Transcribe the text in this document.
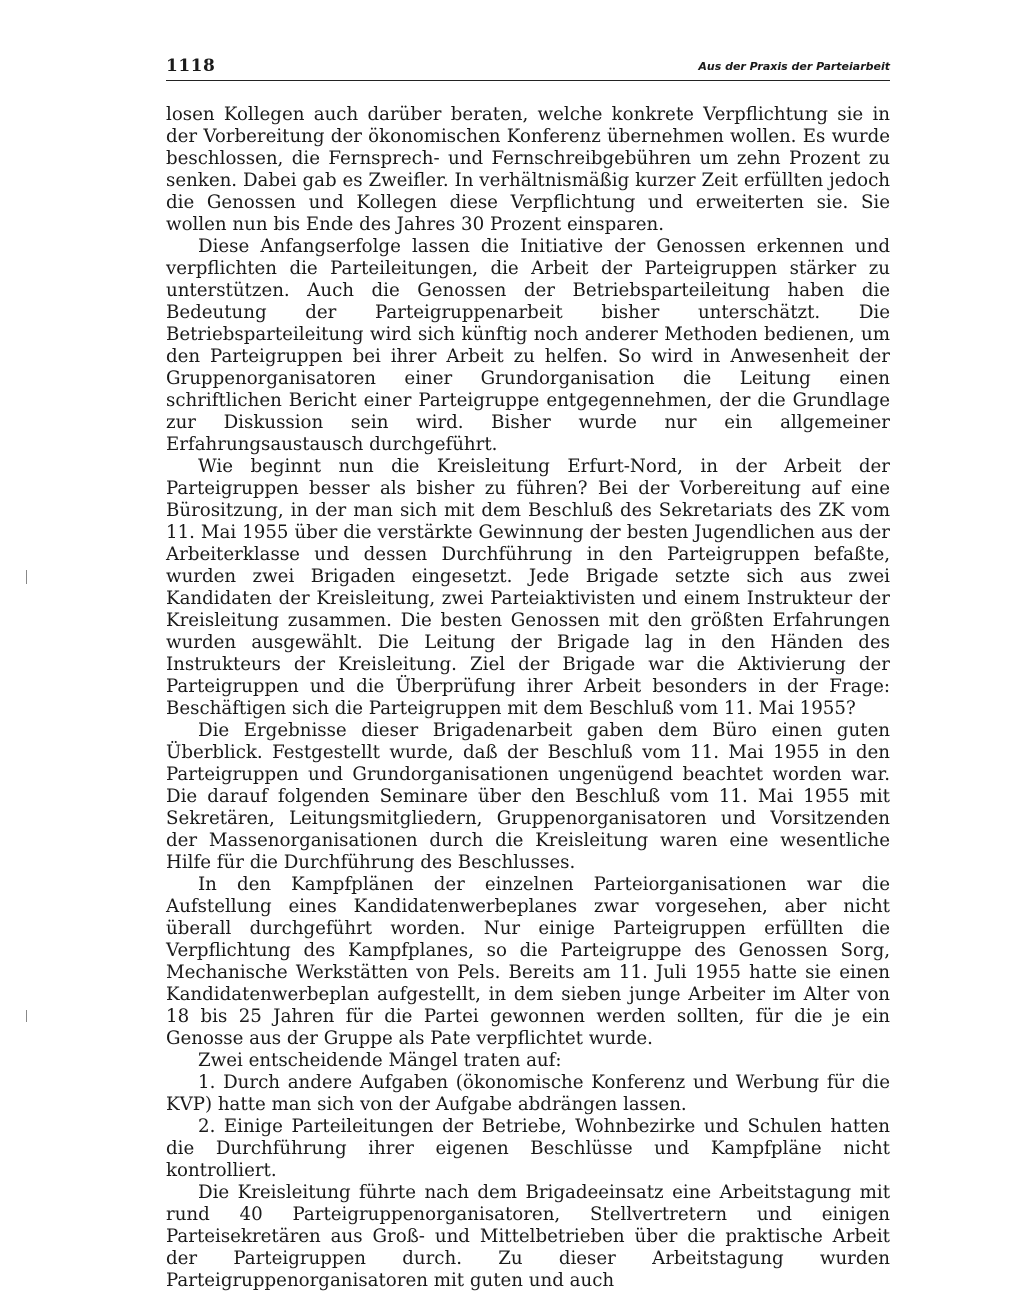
1118	Aus der Praxis der Parteiarbeit

losen Kollegen auch darüber beraten, welche konkrete Verpflichtung sie in der Vorbereitung der ökonomischen Konferenz übernehmen wollen. Es wurde beschlossen, die Fernsprech- und Fernschreibgebühren um zehn Prozent zu senken. Dabei gab es Zweifler. In verhältnismäßig kurzer Zeit erfüllten jedoch die Genossen und Kollegen diese Verpflichtung und erweiterten sie. Sie wollen nun bis Ende des Jahres 30 Prozent einsparen.

Diese Anfangserfolge lassen die Initiative der Genossen erkennen und verpflichten die Parteileitungen, die Arbeit der Parteigruppen stärker zu unterstützen. Auch die Genossen der Betriebsparteileitung haben die Bedeutung der Parteigruppenarbeit bisher unterschätzt. Die Betriebsparteileitung wird sich künftig noch anderer Methoden bedienen, um den Parteigruppen bei ihrer Arbeit zu helfen. So wird in Anwesenheit der Gruppenorganisatoren einer Grundorganisation die Leitung einen schriftlichen Bericht einer Parteigruppe entgegennehmen, der die Grundlage zur Diskussion sein wird. Bisher wurde nur ein allgemeiner Erfahrungsaustausch durchgeführt.

Wie beginnt nun die Kreisleitung Erfurt-Nord, in der Arbeit der Parteigruppen besser als bisher zu führen? Bei der Vorbereitung auf eine Bürositzung, in der man sich mit dem Beschluß des Sekretariats des ZK vom 11. Mai 1955 über die verstärkte Gewinnung der besten Jugendlichen aus der Arbeiterklasse und dessen Durchführung in den Parteigruppen befaßte, wurden zwei Brigaden eingesetzt. Jede Brigade setzte sich aus zwei Kandidaten der Kreisleitung, zwei Parteiaktivisten und einem Instrukteur der Kreisleitung zusammen. Die besten Genossen mit den größten Erfahrungen wurden ausgewählt. Die Leitung der Brigade lag in den Händen des Instrukteurs der Kreisleitung. Ziel der Brigade war die Aktivierung der Parteigruppen und die Überprüfung ihrer Arbeit besonders in der Frage: Beschäftigen sich die Parteigruppen mit dem Beschluß vom 11. Mai 1955?

Die Ergebnisse dieser Brigadenarbeit gaben dem Büro einen guten Überblick. Festgestellt wurde, daß der Beschluß vom 11. Mai 1955 in den Parteigruppen und Grundorganisationen ungenügend beachtet worden war. Die darauf folgenden Seminare über den Beschluß vom 11. Mai 1955 mit Sekretären, Leitungsmitgliedern, Gruppenorganisatoren und Vorsitzenden der Massenorganisationen durch die Kreisleitung waren eine wesentliche Hilfe für die Durchführung des Beschlusses.

In den Kampfplänen der einzelnen Parteiorganisationen war die Aufstellung eines Kandidatenwerbeplanes zwar vorgesehen, aber nicht überall durchgeführt worden. Nur einige Parteigruppen erfüllten die Verpflichtung des Kampfplanes, so die Parteigruppe des Genossen Sorg, Mechanische Werkstätten von Pels. Bereits am 11. Juli 1955 hatte sie einen Kandidatenwerbeplan aufgestellt, in dem sieben junge Arbeiter im Alter von 18 bis 25 Jahren für die Partei gewonnen werden sollten, für die je ein Genosse aus der Gruppe als Pate verpflichtet wurde.

Zwei entscheidende Mängel traten auf:

1. Durch andere Aufgaben (ökonomische Konferenz und Werbung für die KVP) hatte man sich von der Aufgabe abdrängen lassen.

2. Einige Parteileitungen der Betriebe, Wohnbezirke und Schulen hatten die Durchführung ihrer eigenen Beschlüsse und Kampfpläne nicht kontrolliert.

Die Kreisleitung führte nach dem Brigadeeinsatz eine Arbeitstagung mit rund 40 Parteigruppenorganisatoren, Stellvertretern und einigen Parteisekretären aus Groß- und Mittelbetrieben über die praktische Arbeit der Parteigruppen durch. Zu dieser Arbeitstagung wurden Parteigruppenorganisatoren mit guten und auch
